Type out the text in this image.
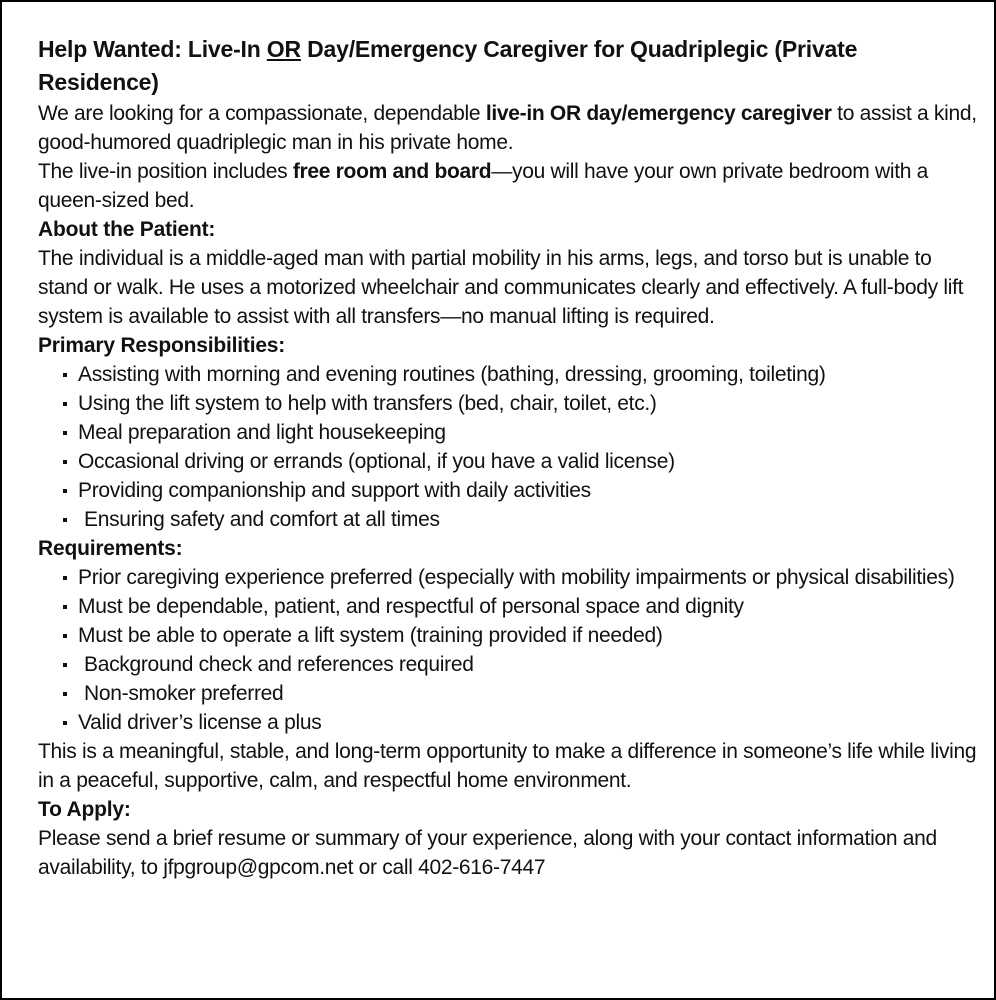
Help Wanted: Live-In OR Day/Emergency Caregiver for Quadriplegic (Private Residence)

We are looking for a compassionate, dependable live-in OR day/emergency caregiver to assist a kind, good-humored quadriplegic man in his private home.
The live-in position includes free room and board—you will have your own private bedroom with a queen-sized bed.

About the Patient:

The individual is a middle-aged man with partial mobility in his arms, legs, and torso but is unable to stand or walk. He uses a motorized wheelchair and communicates clearly and effectively. A full-body lift system is available to assist with all transfers—no manual lifting is required.

Primary Responsibilities:
Assisting with morning and evening routines (bathing, dressing, grooming, toileting)
Using the lift system to help with transfers (bed, chair, toilet, etc.)
Meal preparation and light housekeeping
Occasional driving or errands (optional, if you have a valid license)
Providing companionship and support with daily activities
Ensuring safety and comfort at all times
Requirements:
Prior caregiving experience preferred (especially with mobility impairments or physical disabilities)
Must be dependable, patient, and respectful of personal space and dignity
Must be able to operate a lift system (training provided if needed)
Background check and references required
Non-smoker preferred
Valid driver’s license a plus

This is a meaningful, stable, and long-term opportunity to make a difference in someone’s life while living in a peaceful, supportive, calm, and respectful home environment.

To Apply:

Please send a brief resume or summary of your experience, along with your contact information and availability, to jfpgroup@gpcom.net or call 402-616-7447
